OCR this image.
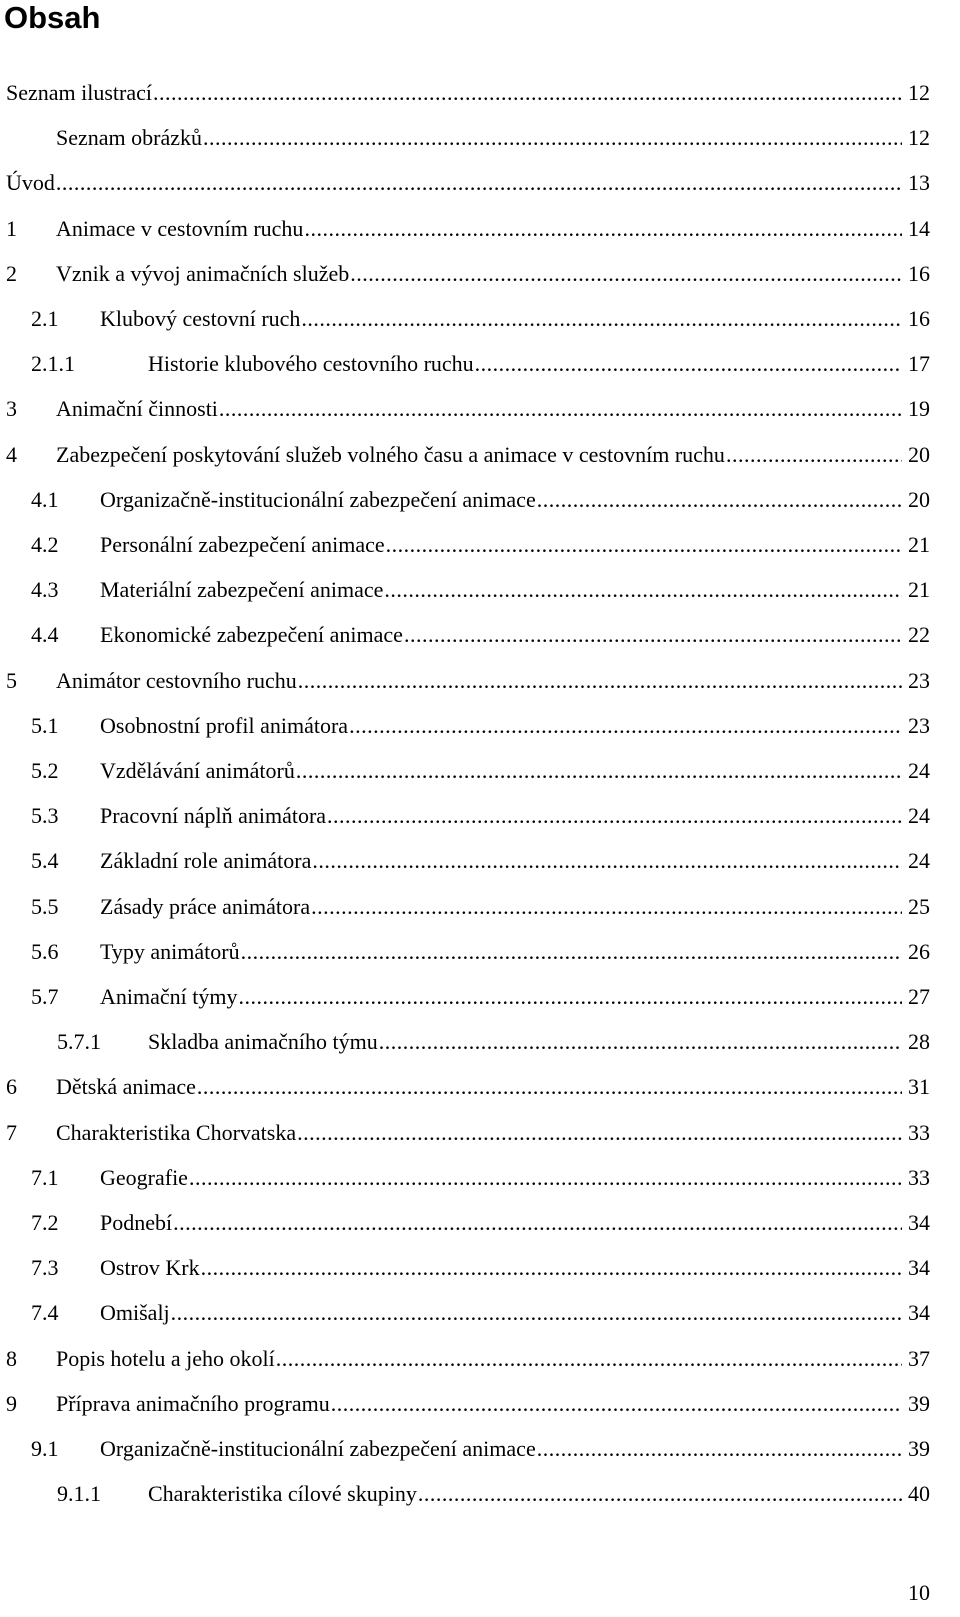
Obsah
Seznam ilustrací .....	12
Seznam obrázků .....	12
Úvod .....	13
1 Animace v cestovním ruchu .....	14
2 Vznik a vývoj animačních služeb .....	16
2.1 Klubový cestovní ruch .....	16
2.1.1	Historie klubového cestovního ruchu .....	17
3 Animační činnosti .....	19
4 Zabezpečení poskytování služeb volného času a animace v cestovním ruchu .....	20
4.1 Organizačně-institucionální zabezpečení animace .....	20
4.2 Personální zabezpečení animace .....	21
4.3 Materiální zabezpečení animace .....	21
4.4 Ekonomické zabezpečení animace .....	22
5 Animátor cestovního ruchu .....	23
5.1 Osobnostní profil animátora .....	23
5.2 Vzdělávání animátorů .....	24
5.3 Pracovní náplň animátora .....	24
5.4 Základní role animátora .....	24
5.5 Zásady práce animátora .....	25
5.6 Typy animátorů .....	26
5.7 Animační týmy .....	27
5.7.1 Skladba animačního týmu .....	28
6 Dětská animace .....	31
7 Charakteristika Chorvatska .....	33
7.1 Geografie .....	33
7.2 Podnebí .....	34
7.3 Ostrov Krk .....	34
7.4 Omišalj .....	34
8 Popis hotelu a jeho okolí .....	37
9 Příprava animačního programu .....	39
9.1 Organizačně-institucionální zabezpečení animace .....	39
9.1.1 Charakteristika cílové skupiny .....	40
10
